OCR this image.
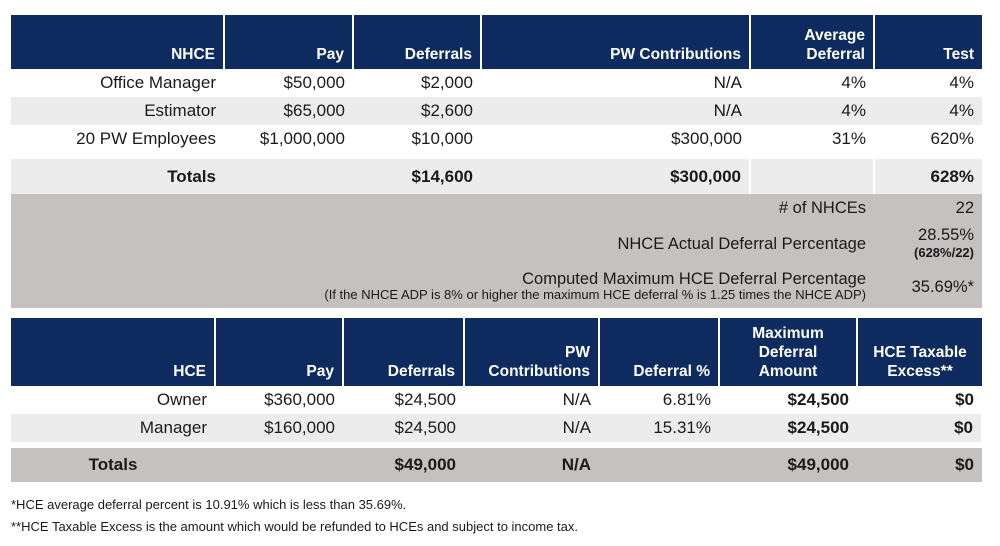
NHCE	Pay	Deferrals	PW Contributions	Average Deferral	Test
Office Manager	$50,000	$2,000	N/A	4%	4%
Estimator	$65,000	$2,600	N/A	4%	4%
20 PW Employees	$1,000,000	$10,000	$300,000	31%	620%
Totals		$14,600	$300,000		628%
# of NHCEs					22
NHCE Actual Deferral Percentage					28.55%
(628%/22)

Computed Maximum HCE Deferral Percentage
(If the NHCE ADP is 8% or higher the maximum HCE deferral % is 1.25 times the NHCE ADP)					35.69%*
HCE	Pay	Deferrals	PW Contributions	Deferral %	Maximum Deferral Amount	HCE Taxable Excess**
Owner	$360,000	$24,500	N/A	6.81%	$24,500	$0
Manager	$160,000	$24,500	N/A	15.31%	$24,500	$0
Totals		$49,000	N/A		$49,000	$0
*HCE average deferral percent is 10.91% which is less than 35.69%.
**HCE Taxable Excess is the amount which would be refunded to HCEs and subject to income tax.
